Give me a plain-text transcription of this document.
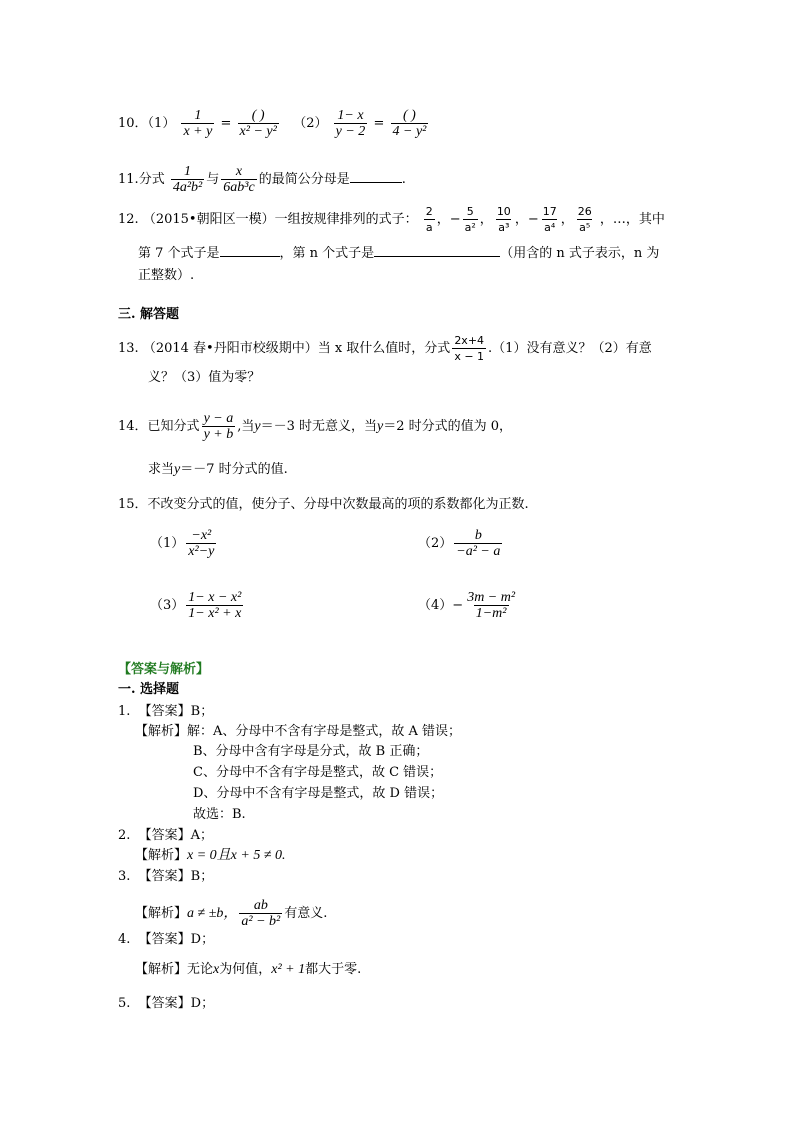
10．$(1) \frac{1}{x + y} = \frac{( )}{\text{x² − y²}} (2) \frac{1- x}{y - 2} = \frac{( )}{\text{4 − y²}}$
11.分式 $\frac{1}{\text{4a²b²}}$ 与 $\frac{x}{\text{6ab³c}}$ 的最简公分母是	.
12. （2015•朝阳区一模）一组按规律排列的式子： $\frac{2}{a}$ ，− $\frac{5}{\text{a²}}$ ， $\frac{10}{\text{a³}}$ ，− $\frac{17}{\text{a⁴}}$ ， $\frac{26}{\text{a⁵}}$ ，…，其中
第 7 个式子是	，第 n 个式子是	（用含的 n 式子表示，n 为
正整数）.
三. 解答题
13. （2014 春•丹阳市校级期中）当 x 取什么值时，分式 $\frac{2x+4}{x - 1} .(1)$没有意义？（2）有意
义？（3）值为零？
14．已知分式 $\frac{y - a}{y + b}$ ,当y＝－3 时无意义，当y＝2 时分式的值为 0，
求当y＝－7 时分式的值.
15．不改变分式的值，使分子、分母中次数最高的项的系数都化为正数.
$(1) \frac{\text{−x²}}{\text{x²−y}}$	$(2) \frac{b}{\text{−a² − a}}$
$(3) \frac{\text{1− x − x²}}{\text{1− x² + x}}$	$(4)- \frac{\text{3m − m²}}{\text{1−m²}}$
【答案与解析】
一. 选择题
1. 【答案】B；
【解析】解：A、分母中不含有字母是整式，故 A 错误；
B、分母中含有字母是分式，故 B 正确；
C、分母中不含有字母是整式，故 C 错误；
D、分母中不含有字母是整式，故 D 错误；
故选：B.
2. 【答案】A；
【解析】x = 0且x + 5 ≠ 0.
3. 【答案】B；
【解析】a ≠ ±b， $\frac{ab}{\text{a² − b²}}$ 有意义.
4. 【答案】D；
【解析】无论x为何值，x² + 1都大于零.
5. 【答案】D；
